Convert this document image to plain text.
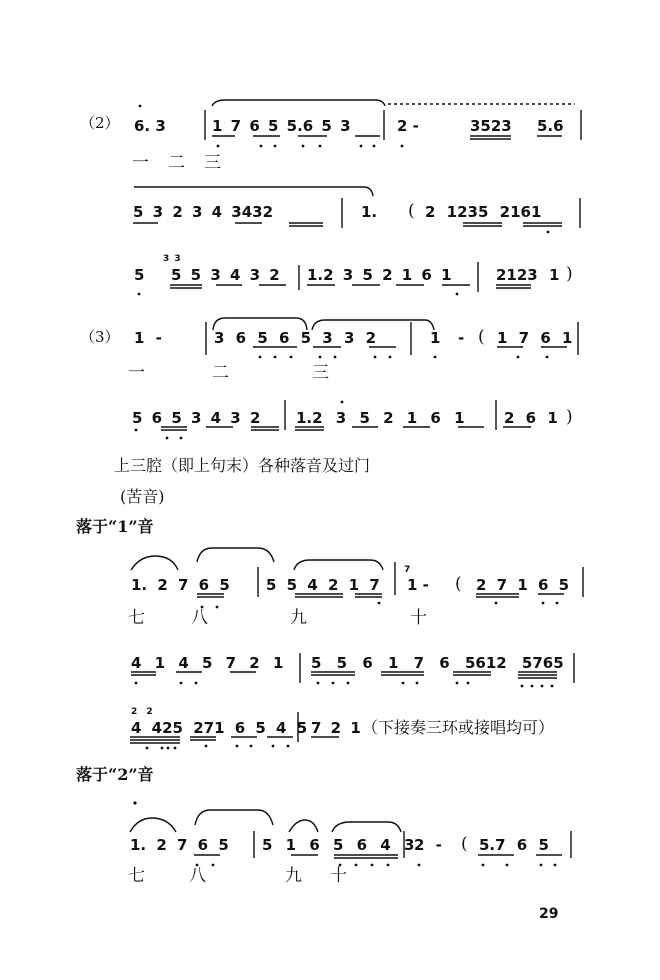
（2）
（3）
6. 3	1 7 6 5 5.6 5 3	2 -	3523 5.6
一 二 三
5 3 2 3 4 3432	1. ( 2 1235 2161
3 3
5 5 5 3 4 3 2 1.2 3 5 2 1 6 1	2123 1 )
1 -	3 6 5 6 5 3 3 2	1 - ( 1 7 6 1
一	二	三
5 6 5 3 4 3 2 1.2 3 5 2 1 6 1	2 6 1 )
上三腔（即上句末）各种落音及过门
(苦音)
落于“1”音
7
1. 2 7 6 5 5 5 4 2 1 7 1 - ( 2 7 1 6 5
七	八	九	十
4 1 4 5 7 2 1 5 5 6 1 7 6 5612 5765
2 2
4 425 271 6 5 4 5 7 2 1 （下接奏三环或接唱均可）
落于“2”音
1. 2 7 6 5 5 1 6 5 6 4 3 2 - ( 5.7 6 5
七	八	九 十
29
